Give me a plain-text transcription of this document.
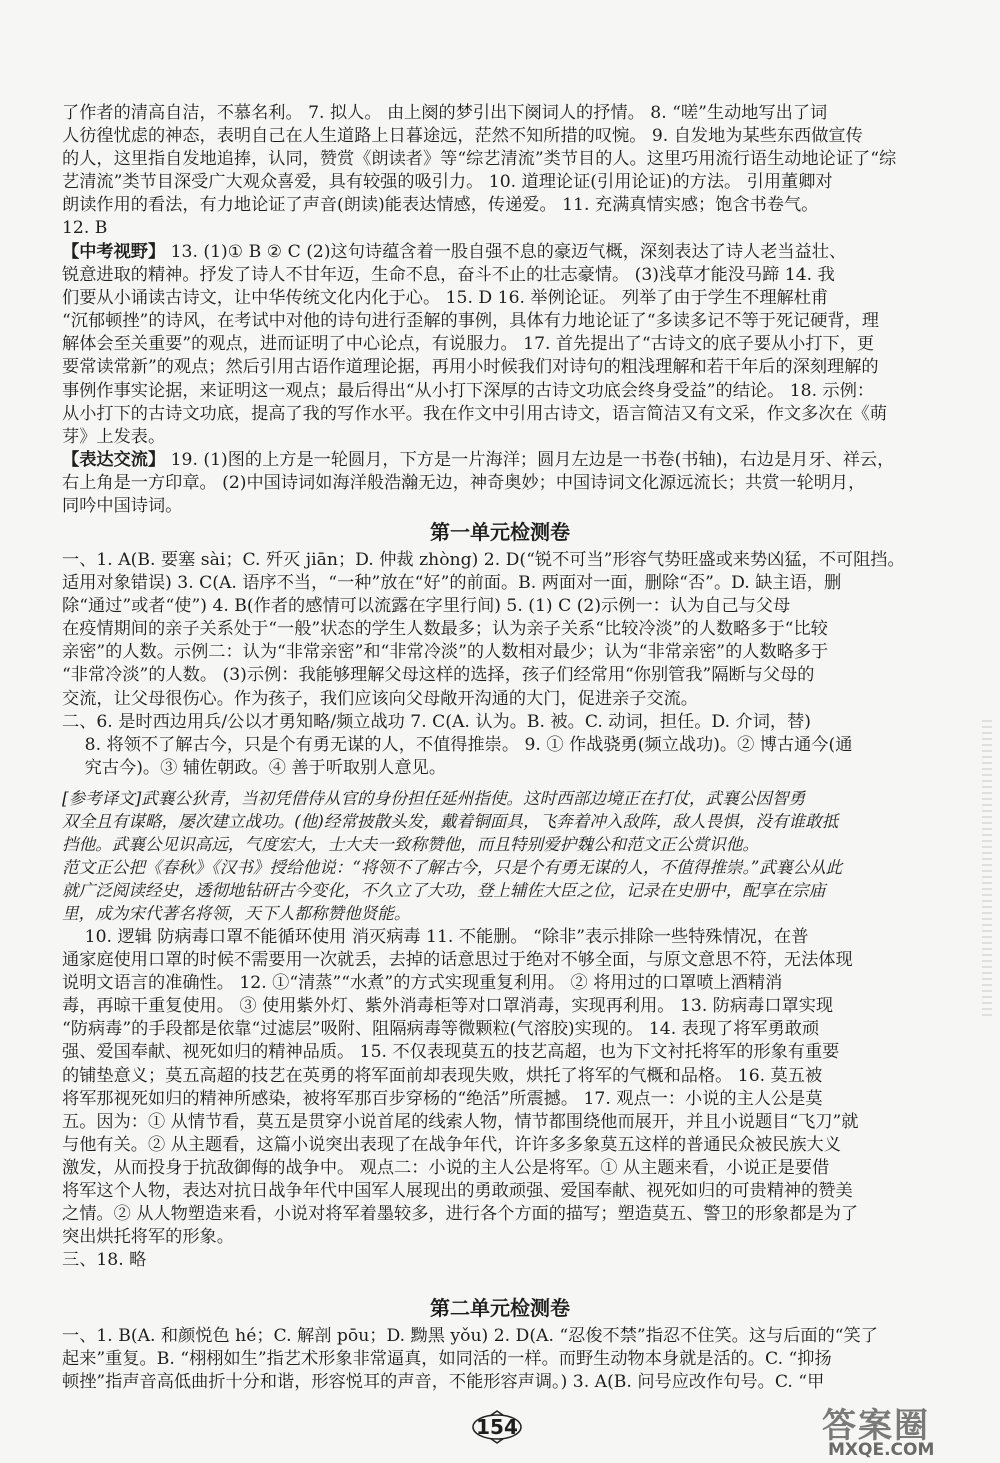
了作者的清高自洁，不慕名利。 7. 拟人。 由上阕的梦引出下阕词人的抒情。 8. “嗟”生动地写出了词

人彷徨忧虑的神态，表明自己在人生道路上日暮途远，茫然不知所措的叹惋。 9. 自发地为某些东西做宣传

的人，这里指自发地追捧，认同，赞赏《朗读者》等“综艺清流”类节目的人。这里巧用流行语生动地论证了“综

艺清流”类节目深受广大观众喜爱，具有较强的吸引力。 10. 道理论证(引用论证)的方法。 引用董卿对

朗读作用的看法，有力地论证了声音(朗读)能表达情感，传递爱。 11. 充满真情实感；饱含书卷气。

12. B

【中考视野】 13. (1)① B ② C (2)这句诗蕴含着一股自强不息的豪迈气概，深刻表达了诗人老当益壮、

锐意进取的精神。抒发了诗人不甘年迈，生命不息，奋斗不止的壮志豪情。 (3)浅草才能没马蹄 14. 我

们要从小诵读古诗文，让中华传统文化内化于心。 15. D 16. 举例论证。 列举了由于学生不理解杜甫

“沉郁顿挫”的诗风，在考试中对他的诗句进行歪解的事例，具体有力地论证了“多读多记不等于死记硬背，理

解体会至关重要”的观点，进而证明了中心论点，有说服力。 17. 首先提出了“古诗文的底子要从小打下，更

要常读常新”的观点；然后引用古语作道理论据，再用小时候我们对诗句的粗浅理解和若干年后的深刻理解的

事例作事实论据，来证明这一观点；最后得出“从小打下深厚的古诗文功底会终身受益”的结论。 18. 示例：

从小打下的古诗文功底，提高了我的写作水平。我在作文中引用古诗文，语言简洁又有文采，作文多次在《萌

芽》上发表。

【表达交流】 19. (1)图的上方是一轮圆月，下方是一片海洋；圆月左边是一书卷(书轴)，右边是月牙、祥云，

右上角是一方印章。 (2)中国诗词如海洋般浩瀚无边，神奇奥妙；中国诗词文化源远流长；共赏一轮明月，

同吟中国诗词。

第一单元检测卷

一、1. A(B. 要塞 sài；C. 歼灭 jiān；D. 仲裁 zhòng) 2. D(“锐不可当”形容气势旺盛或来势凶猛，不可阻挡。

适用对象错误) 3. C(A. 语序不当，“一种”放在“好”的前面。B. 两面对一面，删除“否”。D. 缺主语，删

除“通过”或者“使”) 4. B(作者的感情可以流露在字里行间) 5. (1) C (2)示例一：认为自己与父母

在疫情期间的亲子关系处于“一般”状态的学生人数最多；认为亲子关系“比较冷淡”的人数略多于“比较

亲密”的人数。示例二：认为“非常亲密”和“非常冷淡”的人数相对最少；认为“非常亲密”的人数略多于

“非常冷淡”的人数。 (3)示例：我能够理解父母这样的选择，孩子们经常用“你别管我”隔断与父母的

交流，让父母很伤心。作为孩子，我们应该向父母敞开沟通的大门，促进亲子交流。

二、6. 是时西边用兵/公以才勇知略/频立战功 7. C(A. 认为。B. 被。C. 动词，担任。D. 介词，替)

　 8. 将领不了解古今，只是个有勇无谋的人，不值得推崇。 9. ① 作战骁勇(频立战功)。② 博古通今(通

　 究古今)。③ 辅佐朝政。④ 善于听取别人意见。

[参考译文]武襄公狄青，当初凭借侍从官的身份担任延州指使。这时西部边境正在打仗，武襄公因智勇

双全且有谋略，屡次建立战功。(他)经常披散头发，戴着铜面具，飞奔着冲入敌阵，敌人畏惧，没有谁敢抵

挡他。武襄公见识高远，气度宏大，士大夫一致称赞他，而且特别爱护魏公和范文正公赏识他。

范文正公把《春秋》《汉书》授给他说：“将领不了解古今，只是个有勇无谋的人，不值得推崇。”武襄公从此

就广泛阅读经史，透彻地钻研古今变化，不久立了大功，登上辅佐大臣之位，记录在史册中，配享在宗庙

里，成为宋代著名将领，天下人都称赞他贤能。

　 10. 逻辑 防病毒口罩不能循环使用 消灭病毒 11. 不能删。 “除非”表示排除一些特殊情况，在普

通家庭使用口罩的时候不需要用一次就丢，去掉的话意思过于绝对不够全面，与原文意思不符，无法体现

说明文语言的准确性。 12. ①“清蒸”“水煮”的方式实现重复利用。 ② 将用过的口罩喷上酒精消

毒，再晾干重复使用。 ③ 使用紫外灯、紫外消毒柜等对口罩消毒，实现再利用。 13. 防病毒口罩实现

“防病毒”的手段都是依靠“过滤层”吸附、阻隔病毒等微颗粒(气溶胶)实现的。 14. 表现了将军勇敢顽

强、爱国奉献、视死如归的精神品质。 15. 不仅表现莫五的技艺高超，也为下文衬托将军的形象有重要

的铺垫意义；莫五高超的技艺在英勇的将军面前却表现失败，烘托了将军的气概和品格。 16. 莫五被

将军那视死如归的精神所感染，被将军那百步穿杨的“绝活”所震撼。 17. 观点一：小说的主人公是莫

五。因为：① 从情节看，莫五是贯穿小说首尾的线索人物，情节都围绕他而展开，并且小说题目“飞刀”就

与他有关。② 从主题看，这篇小说突出表现了在战争年代，许许多多象莫五这样的普通民众被民族大义

激发，从而投身于抗敌御侮的战争中。 观点二：小说的主人公是将军。① 从主题来看，小说正是要借

将军这个人物，表达对抗日战争年代中国军人展现出的勇敢顽强、爱国奉献、视死如归的可贵精神的赞美

之情。② 从人物塑造来看，小说对将军着墨较多，进行各个方面的描写；塑造莫五、警卫的形象都是为了

突出烘托将军的形象。

三、18. 略

第二单元检测卷

一、1. B(A. 和颜悦色 hé；C. 解剖 pōu；D. 黝黑 yǒu) 2. D(A. “忍俊不禁”指忍不住笑。这与后面的“笑了

起来”重复。B. “栩栩如生”指艺术形象非常逼真，如同活的一样。而野生动物本身就是活的。C. “抑扬

顿挫”指声音高低曲折十分和谐，形容悦耳的声音，不能形容声调。) 3. A(B. 问号应改作句号。C. “甲

154	答案圈
MXQE.COM
